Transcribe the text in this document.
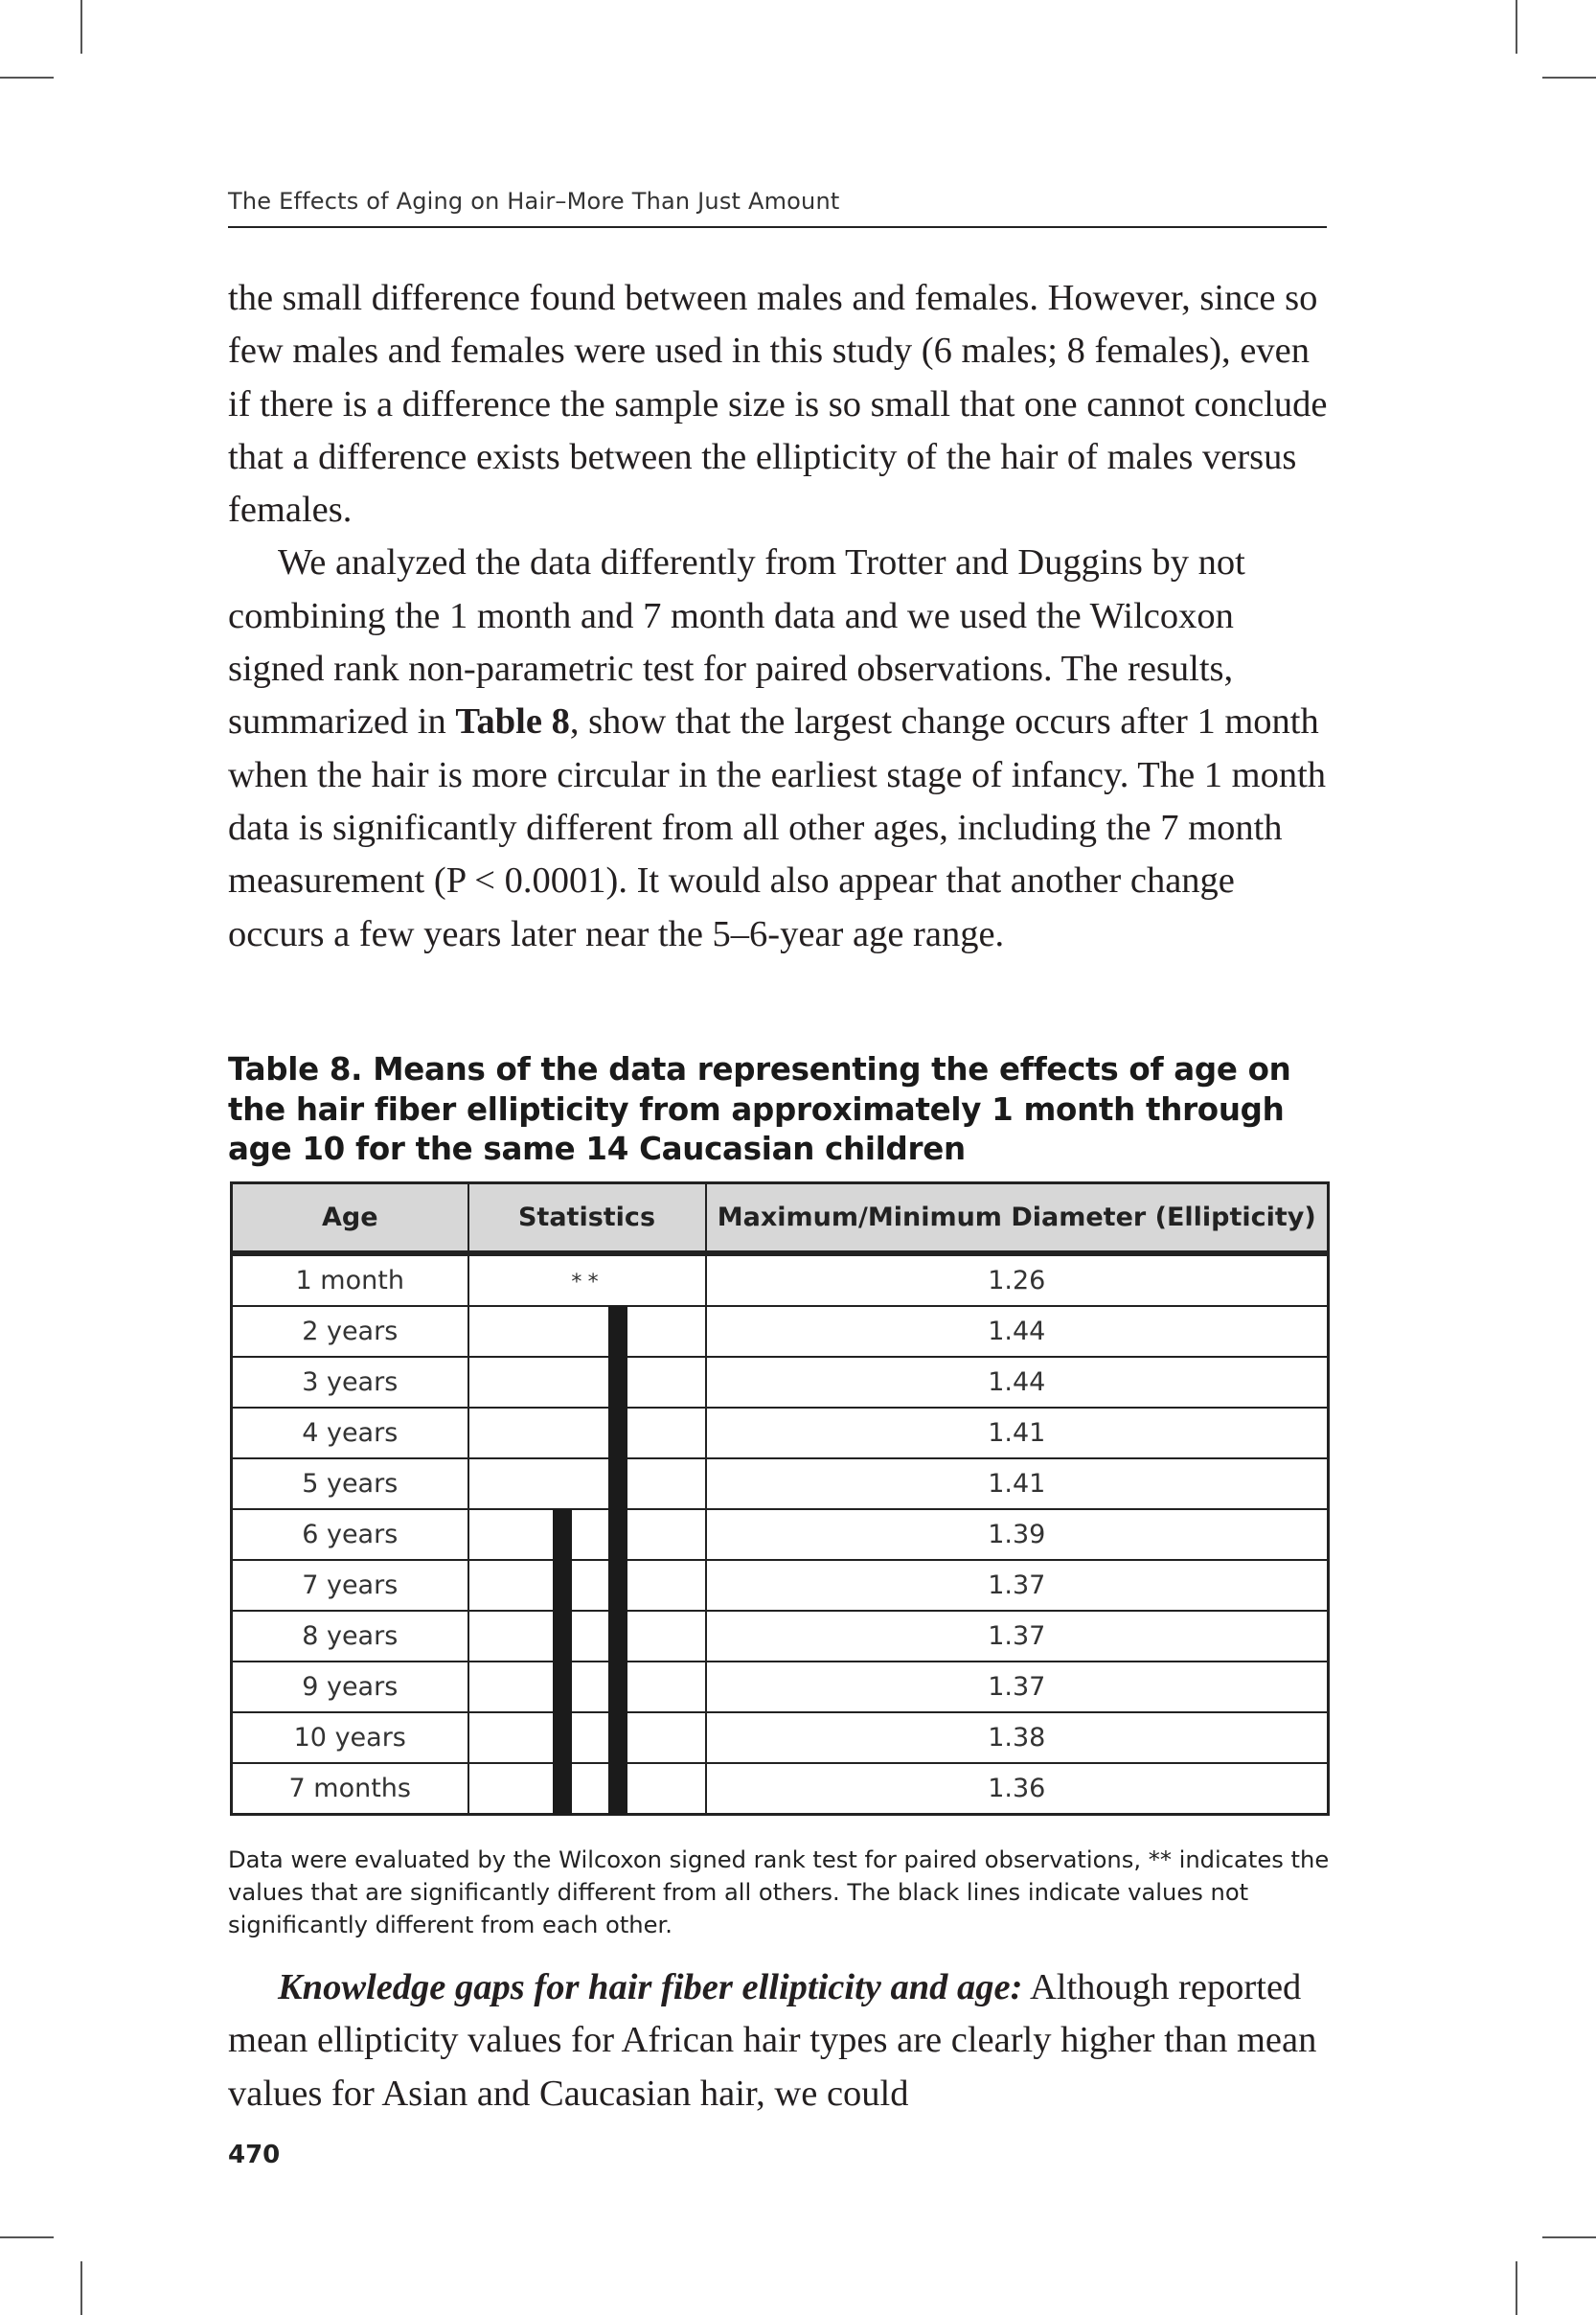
The Effects of Aging on Hair–More Than Just Amount

the small difference found between males and females. However, since so few males and females were used in this study (6 males; 8 females), even if there is a difference the sample size is so small that one cannot conclude that a difference exists between the ellipticity of the hair of males versus females.

We analyzed the data differently from Trotter and Duggins by not combining the 1 month and 7 month data and we used the Wilcoxon signed rank non-parametric test for paired observations. The results, summarized in Table 8, show that the largest change occurs after 1 month when the hair is more circular in the earliest stage of infancy. The 1 month data is significantly different from all other ages, including the 7 month measurement (P < 0.0001). It would also appear that another change occurs a few years later near the 5–6-year age range.

Table 8. Means of the data representing the effects of age on the hair fiber ellipticity from approximately 1 month through age 10 for the same 14 Caucasian children
Age	Statistics	Maximum/Minimum Diameter (Ellipticity)
1 month	**	1.26
2 years		1.44
3 years		1.44
4 years		1.41
5 years		1.41
6 years		1.39
7 years		1.37
8 years		1.37
9 years		1.37
10 years		1.38
7 months		1.36
Data were evaluated by the Wilcoxon signed rank test for paired observations, ** indicates the values that are significantly different from all others. The black lines indicate values not significantly different from each other.

Knowledge gaps for hair fiber ellipticity and age: Although reported mean ellipticity values for African hair types are clearly higher than mean values for Asian and Caucasian hair, we could

470
